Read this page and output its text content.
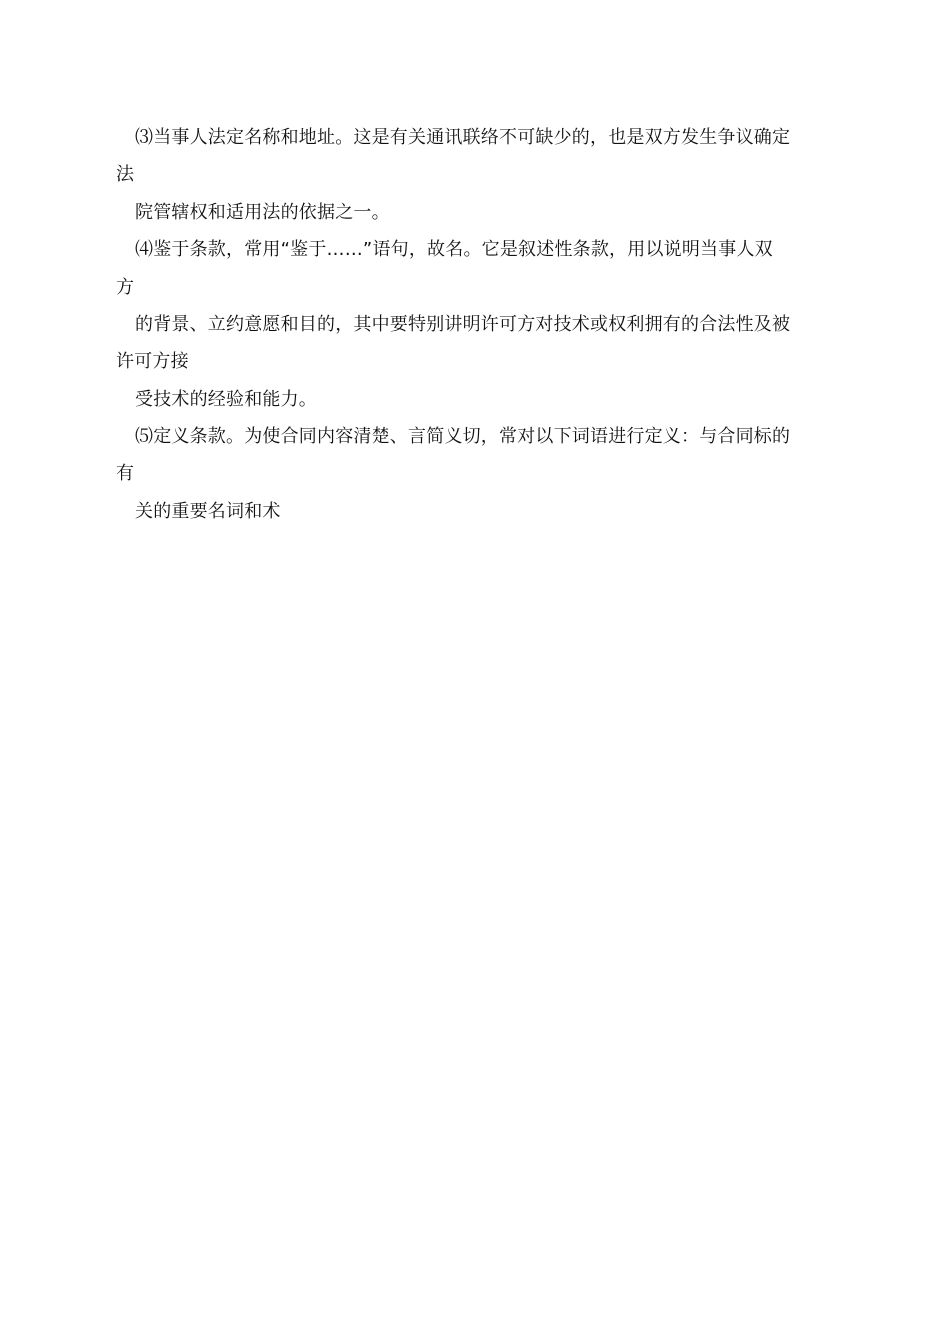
⑶当事人法定名称和地址。这是有关通讯联络不可缺少的，也是双方发生争议确定
法
院管辖权和适用法的依据之一。
⑷鉴于条款，常用“鉴于……”语句，故名。它是叙述性条款，用以说明当事人双
方
的背景、立约意愿和目的，其中要特别讲明许可方对技术或权利拥有的合法性及被
许可方接
受技术的经验和能力。
⑸定义条款。为使合同内容清楚、言简义切，常对以下词语进行定义：与合同标的
有
关的重要名词和术
